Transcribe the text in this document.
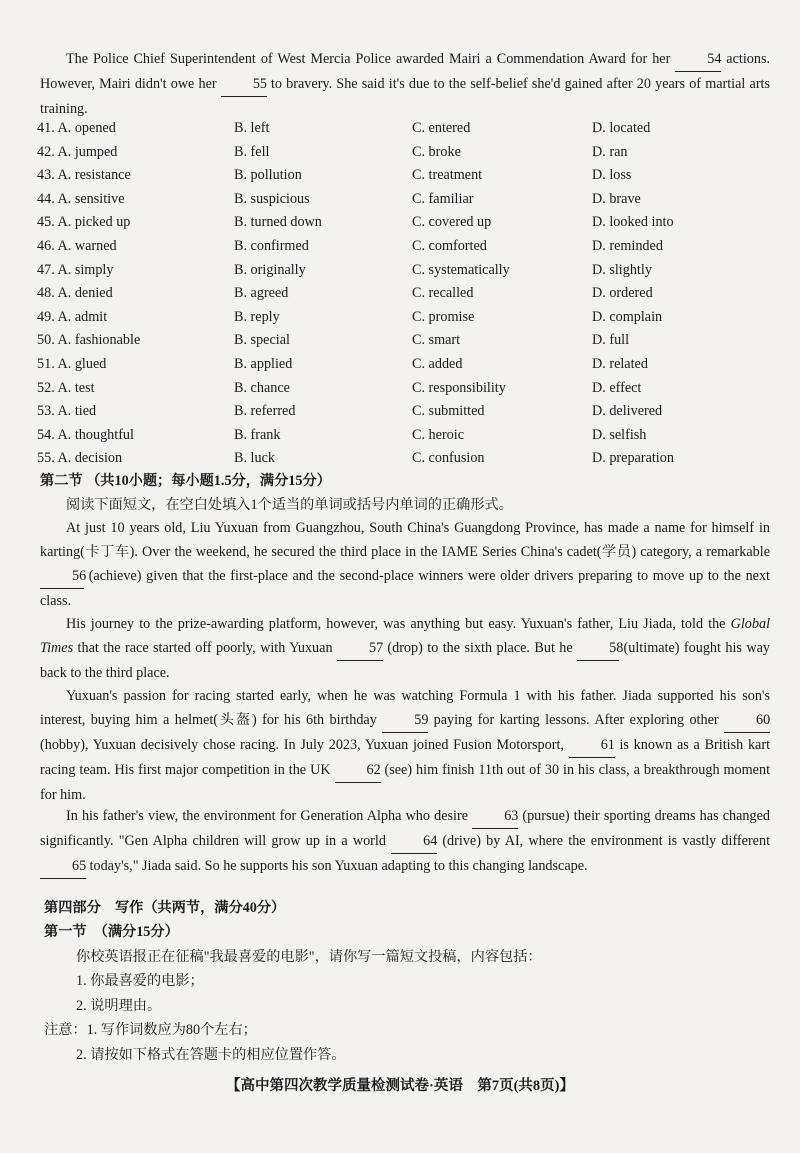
The Police Chief Superintendent of West Mercia Police awarded Mairi a Commendation Award for her	54 actions. However, Mairi didn't owe her	55 to bravery. She said it's due to the self-belief she'd gained after 20 years of martial arts training.
41. A. opened	B. left	C. entered	D. located
42. A. jumped	B. fell	C. broke	D. ran
43. A. resistance	B. pollution	C. treatment	D. loss
44. A. sensitive	B. suspicious	C. familiar	D. brave
45. A. picked up	B. turned down	C. covered up	D. looked into
46. A. warned	B. confirmed	C. comforted	D. reminded
47. A. simply	B. originally	C. systematically	D. slightly
48. A. denied	B. agreed	C. recalled	D. ordered
49. A. admit	B. reply	C. promise	D. complain
50. A. fashionable	B. special	C. smart	D. full
51. A. glued	B. applied	C. added	D. related
52. A. test	B. chance	C. responsibility	D. effect
53. A. tied	B. referred	C. submitted	D. delivered
54. A. thoughtful	B. frank	C. heroic	D. selfish
55. A. decision	B. luck	C. confusion	D. preparation
第二节 （共10小题；每小题1.5分，满分15分）
阅读下面短文，在空白处填入1个适当的单词或括号内单词的正确形式。
At just 10 years old, Liu Yuxuan from Guangzhou, South China's Guangdong Province, has made a name for himself in karting(卡丁车). Over the weekend, he secured the third place in the IAME Series China's cadet(学员) category, a remarkable 56 (achieve) given that the first-place and the second-place winners were older drivers preparing to move up to the next class.
His journey to the prize-awarding platform, however, was anything but easy. Yuxuan's father, Liu Jiada, told the Global Times that the race started off poorly, with Yuxuan	57 (drop) to the sixth place. But he	58 (ultimate) fought his way back to the third place.
Yuxuan's passion for racing started early, when he was watching Formula 1 with his father. Jiada supported his son's interest, buying him a helmet(头盔) for his 6th birthday	59 paying for karting lessons. After exploring other	60 (hobby), Yuxuan decisively chose racing. In July 2023, Yuxuan joined Fusion Motorsport,	61 is known as a British kart racing team. His first major competition in the UK	62 (see) him finish 11th out of 30 in his class, a breakthrough moment for him.
In his father's view, the environment for Generation Alpha who desire	63 (pursue) their sporting dreams has changed significantly. "Gen Alpha children will grow up in a world	64 (drive) by AI, where the environment is vastly different 65 today's," Jiada said. So he supports his son Yuxuan adapting to this changing landscape.
第四部分　写作（共两节，满分40分）
第一节　（满分15分）
你校英语报正在征稿"我最喜爱的电影"，请你写一篇短文投稿，内容包括：
1. 你最喜爱的电影；
2. 说明理由。
注意：1. 写作词数应为80个左右；
2. 请按如下格式在答题卡的相应位置作答。
【高中第四次教学质量检测试卷·英语　第7页(共8页)】
